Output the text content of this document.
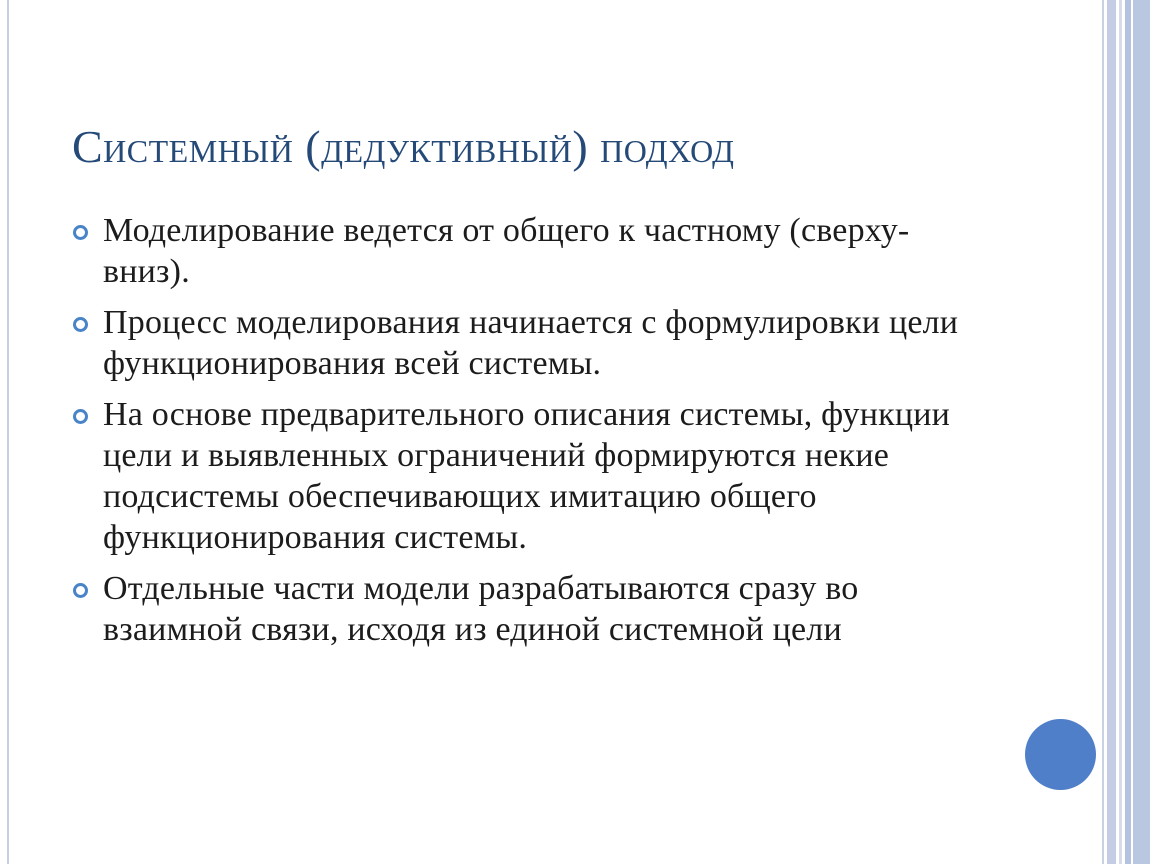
Системный (дедуктивный) подход
Моделирование ведется от общего к частному (сверху-вниз).
Процесс моделирования начинается с формулировки цели функционирования всей системы.
На основе предварительного описания системы, функции цели и выявленных ограничений формируются некие подсистемы обеспечивающих имитацию общего функционирования системы.
Отдельные части модели разрабатываются сразу во взаимной связи, исходя из единой системной цели
